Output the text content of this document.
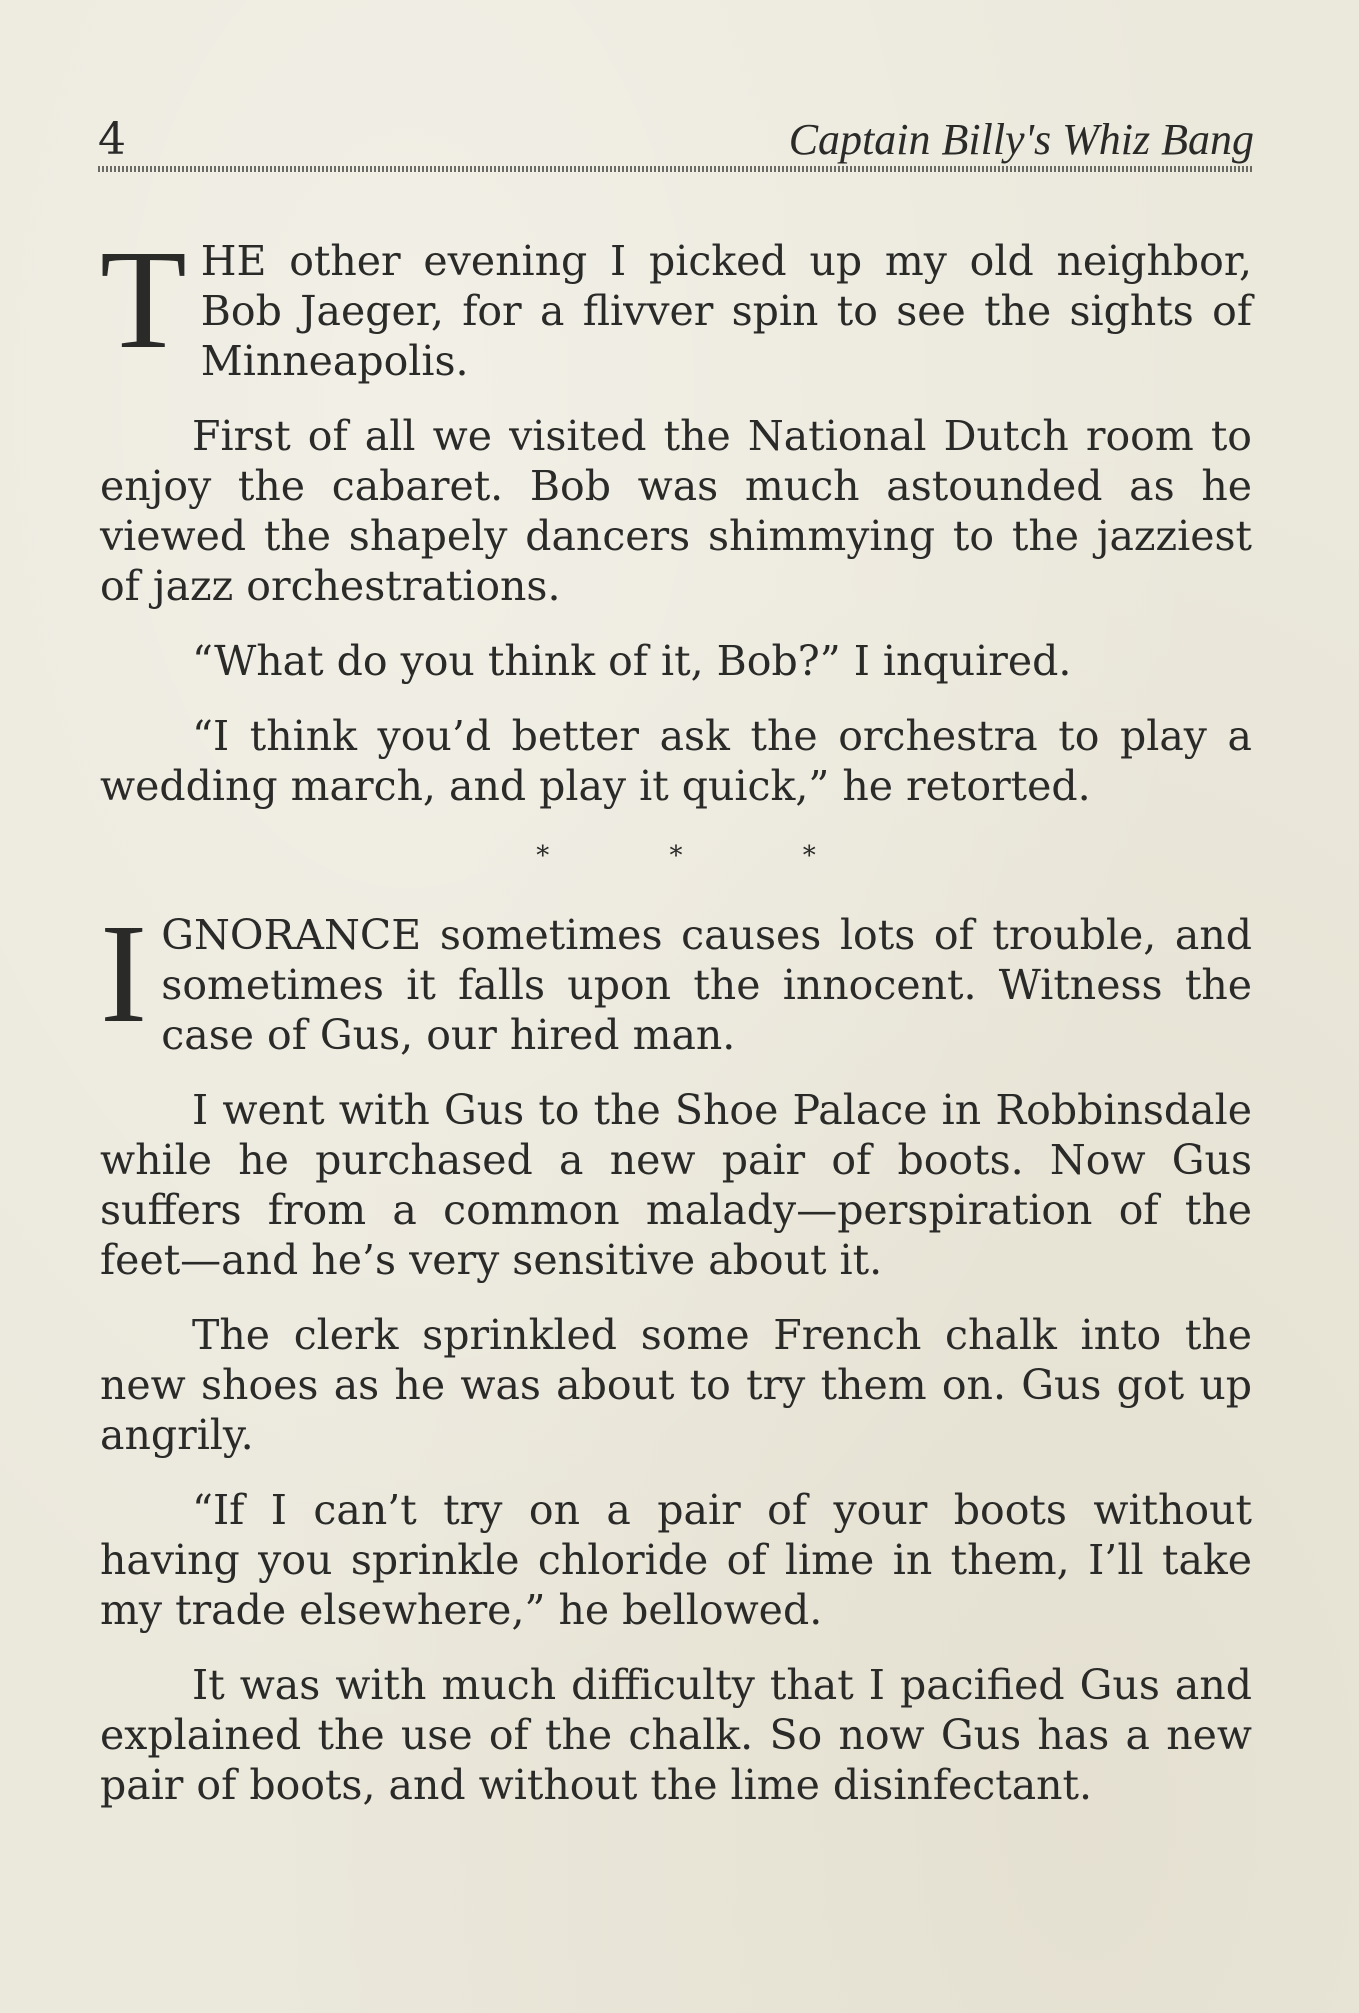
4	Captain Billy's Whiz Bang

THE other evening I picked up my old neighbor, Bob Jaeger, for a flivver spin to see the sights of Minneapolis.

First of all we visited the National Dutch room to enjoy the cabaret. Bob was much astounded as he viewed the shapely dancers shimmying to the jazziest of jazz orchestrations.

“What do you think of it, Bob?” I inquired.

“I think you’d better ask the orchestra to play a wedding march, and play it quick,” he retorted.

* * *

IGNORANCE sometimes causes lots of trouble, and sometimes it falls upon the innocent. Witness the case of Gus, our hired man.

I went with Gus to the Shoe Palace in Robbinsdale while he purchased a new pair of boots. Now Gus suffers from a common malady—perspiration of the feet—and he’s very sensitive about it.

The clerk sprinkled some French chalk into the new shoes as he was about to try them on. Gus got up angrily.

“If I can’t try on a pair of your boots without having you sprinkle chloride of lime in them, I’ll take my trade elsewhere,” he bellowed.

It was with much difficulty that I pacified Gus and explained the use of the chalk. So now Gus has a new pair of boots, and without the lime disinfectant.
